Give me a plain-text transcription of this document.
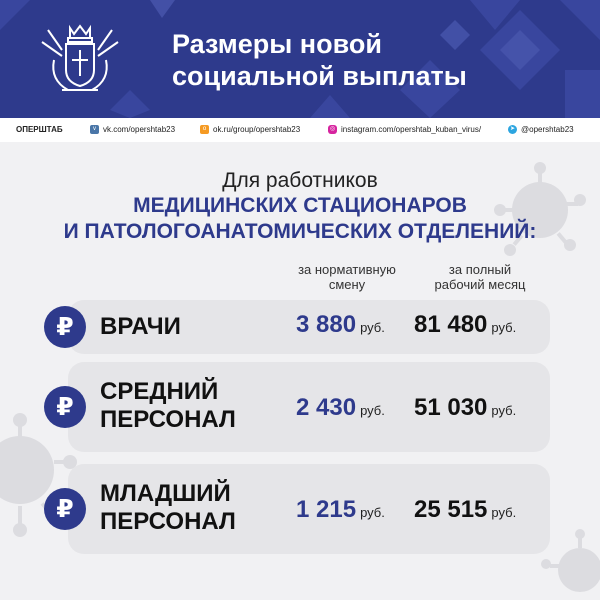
Размеры новой
социальной выплаты
ОПЕРШТАБ	v vk.com/opershtab23	o ok.ru/group/opershtab23	◎ instagram.com/opershtab_kuban_virus/	➤ @opershtab23
Для работников
МЕДИЦИНСКИХ СТАЦИОНАРОВ
И ПАТОЛОГОАНАТОМИЧЕСКИХ ОТДЕЛЕНИЙ:
за нормативную
смену
за полный
рабочий месяц
₽	ВРАЧИ	3 880 руб. 81 480 руб.
₽
СРЕДНИЙ
ПЕРСОНАЛ	2 430 руб. 51 030 руб.
₽
МЛАДШИЙ
ПЕРСОНАЛ	1 215 руб. 25 515 руб.
